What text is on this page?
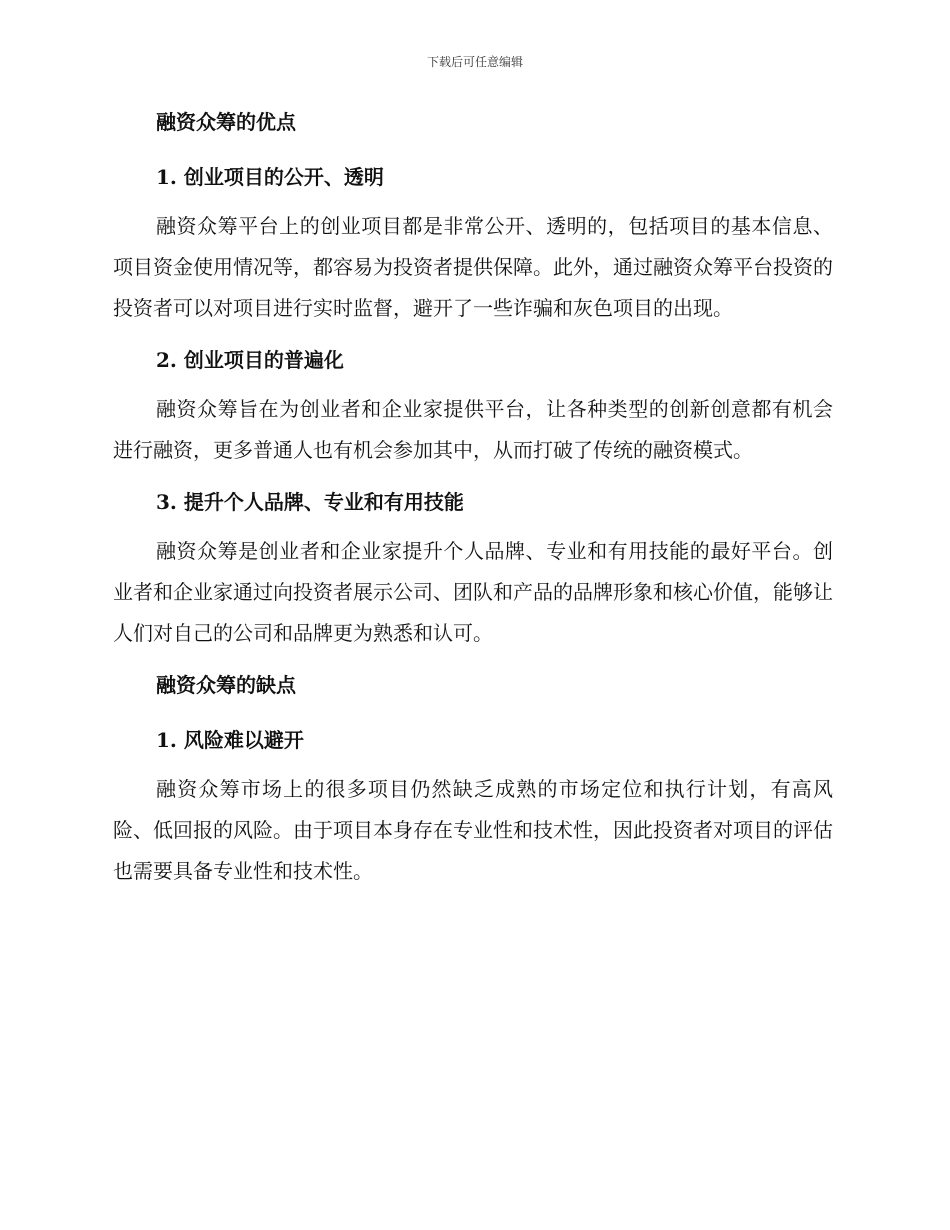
下载后可任意编辑
融资众筹的优点
1. 创业项目的公开、透明

融资众筹平台上的创业项目都是非常公开、透明的，包括项目的基本信息、项目资金使用情况等，都容易为投资者提供保障。此外，通过融资众筹平台投资的投资者可以对项目进行实时监督，避开了一些诈骗和灰色项目的出现。

2. 创业项目的普遍化

融资众筹旨在为创业者和企业家提供平台，让各种类型的创新创意都有机会进行融资，更多普通人也有机会参加其中，从而打破了传统的融资模式。

3. 提升个人品牌、专业和有用技能

融资众筹是创业者和企业家提升个人品牌、专业和有用技能的最好平台。创业者和企业家通过向投资者展示公司、团队和产品的品牌形象和核心价值，能够让人们对自己的公司和品牌更为熟悉和认可。

融资众筹的缺点
1. 风险难以避开

融资众筹市场上的很多项目仍然缺乏成熟的市场定位和执行计划，有高风险、低回报的风险。由于项目本身存在专业性和技术性，因此投资者对项目的评估也需要具备专业性和技术性。
